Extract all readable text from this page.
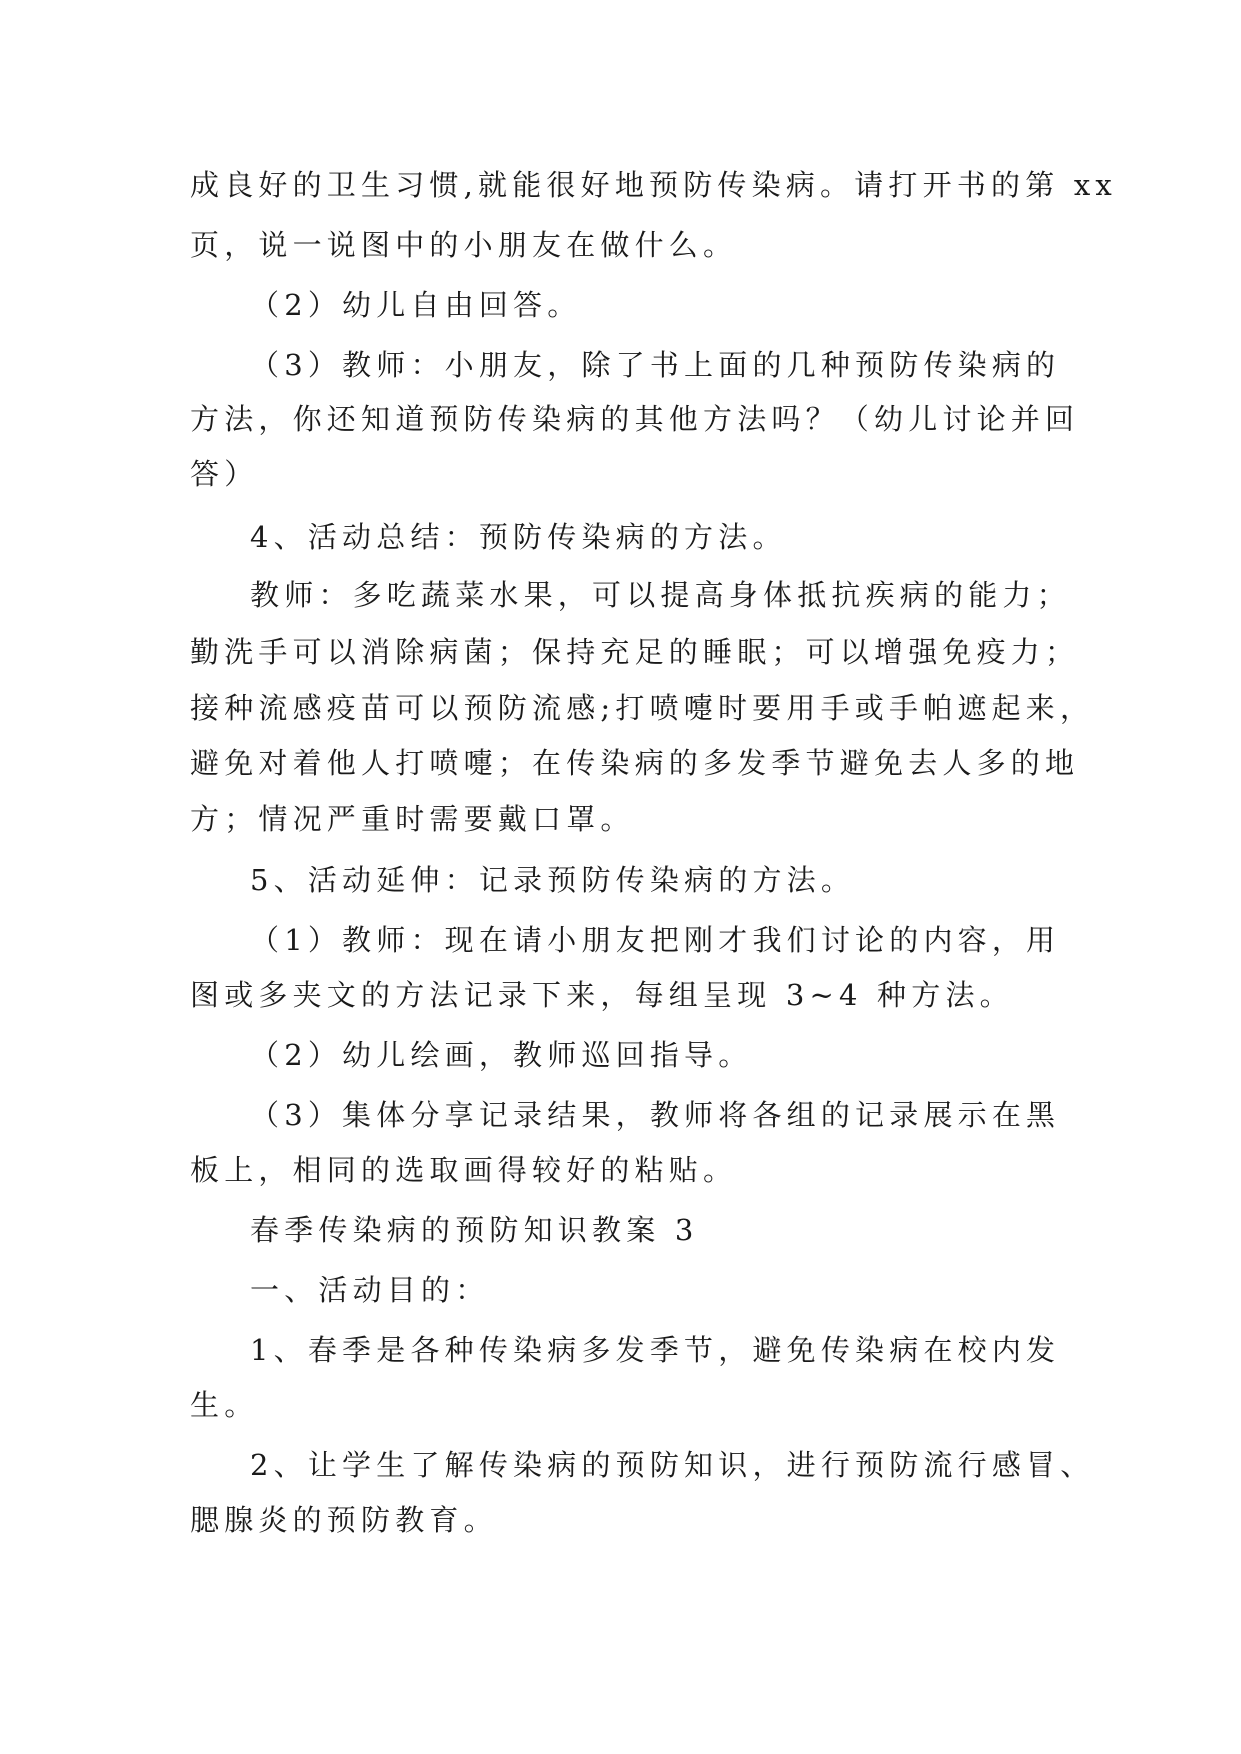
成良好的卫生习惯,就能很好地预防传染病。请打开书的第 xx
页，说一说图中的小朋友在做什么。
（2）幼儿自由回答。
（3）教师：小朋友，除了书上面的几种预防传染病的
方法，你还知道预防传染病的其他方法吗？（幼儿讨论并回
答）
4、活动总结：预防传染病的方法。
教师：多吃蔬菜水果，可以提高身体抵抗疾病的能力；
勤洗手可以消除病菌；保持充足的睡眠；可以增强免疫力；
接种流感疫苗可以预防流感;打喷嚏时要用手或手帕遮起来，
避免对着他人打喷嚏；在传染病的多发季节避免去人多的地
方；情况严重时需要戴口罩。
5、活动延伸：记录预防传染病的方法。
（1）教师：现在请小朋友把刚才我们讨论的内容，用
图或多夹文的方法记录下来，每组呈现 3~4 种方法。
（2）幼儿绘画，教师巡回指导。
（3）集体分享记录结果，教师将各组的记录展示在黑
板上，相同的选取画得较好的粘贴。
春季传染病的预防知识教案 3
一、活动目的：
1、春季是各种传染病多发季节，避免传染病在校内发
生。
2、让学生了解传染病的预防知识，进行预防流行感冒、
腮腺炎的预防教育。
